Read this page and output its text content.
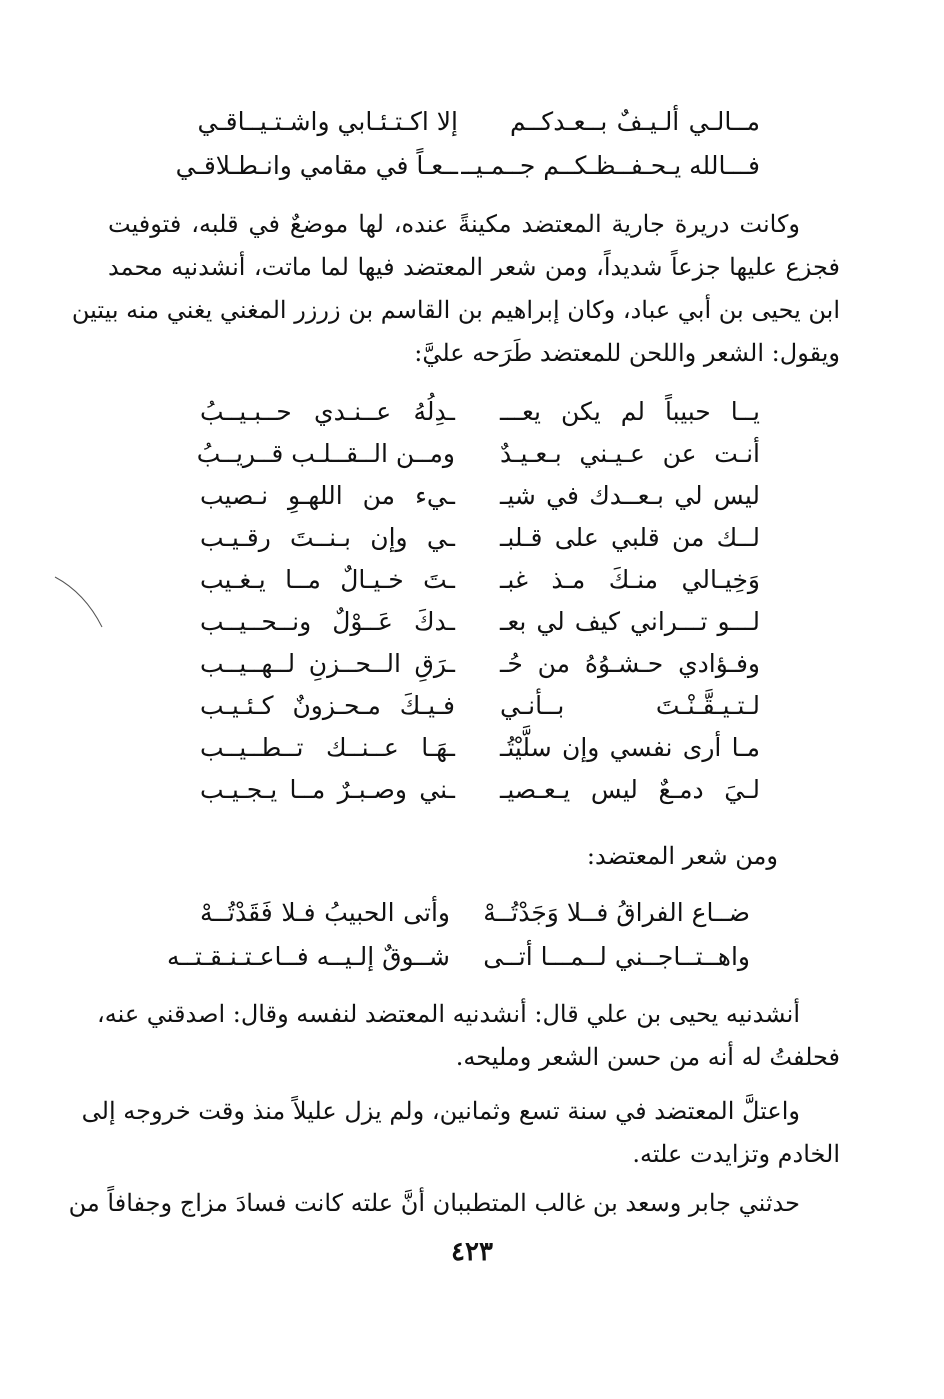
مــالـي ألـيـفٌ بــعـدكــم
إلا اكـتـئـابي واشـتـيــاقـي
فـــالله يـحـفــظـكــم جــمـيــ
ــعـاً في مقامي وانـطـلاقـي
وكانت دريرة جارية المعتضد مكينةً عنده، لها موضعٌ في قلبه، فتوفيت
فجزع عليها جزعاً شديداً، ومن شعر المعتضد فيها لما ماتت، أنشدنيه محمد
ابن يحيى بن أبي عباد، وكان إبراهيم بن القاسم بن زرزر المغني يغني منه بيتين
ويقول: الشعر واللحن للمعتضد طَرَحه عليَّ:
يــا حبيباً لم يكن يعـــ
ـدِلُهُ عــنـدي حــبـيــبُ
أنـت عن عـيـني بـعـيـدٌ
ومــن الــقــلـب قــريــبُ
ليس لي بـعــدك في شيـ
ـيء من اللهـوِ نـصيب
لــك من قلبي على قـلبـ
ـي وإن بـنــتَ رقـيـب
وَخِيـالي منـكَ مـذ غبـ
ـتَ خـيـالٌ مــا يـغـيب
لـــو تـــراني كيف لي بعـ
ـدكَ عَــوْلٌ ونــحــيــب
وفـؤادي حـشـوُهُ من حُـ
ـرَقِ الــحــزنِ لــهــيــب
لـتـيـقَّـنْـتَ بــأنـي
فـيـكَ مـحـزونٌ كـئـيـب
مـا أرى نفسي وإن سلَّيْتُـ
ـهَـا عــنــك تــطــيــب
لـيَ دمـعٌ ليس يـعـصيـ
ـني وصـبـرٌ مــا يـجـيـب
ومن شعر المعتضد:
ضــاع الفراقُ فــلا وَجَدْتُــهْ
وأتى الحبيبُ فـلا فَقَدْتُــهْ
واهــتــاجــني لــمـــا أتــى
شــوقٌ إلـيــه فــاعـتـنـقـتــه
أنشدنيه يحيى بن علي قال: أنشدنيه المعتضد لنفسه وقال: اصدقني عنه،
فحلفتُ له أنه من حسن الشعر ومليحه.
واعتلَّ المعتضد في سنة تسع وثمانين، ولم يزل عليلاً منذ وقت خروجه إلى
الخادم وتزايدت علته.
حدثني جابر وسعد بن غالب المتطببان أنَّ علته كانت فسادَ مزاج وجفافاً من
٤٢٣
